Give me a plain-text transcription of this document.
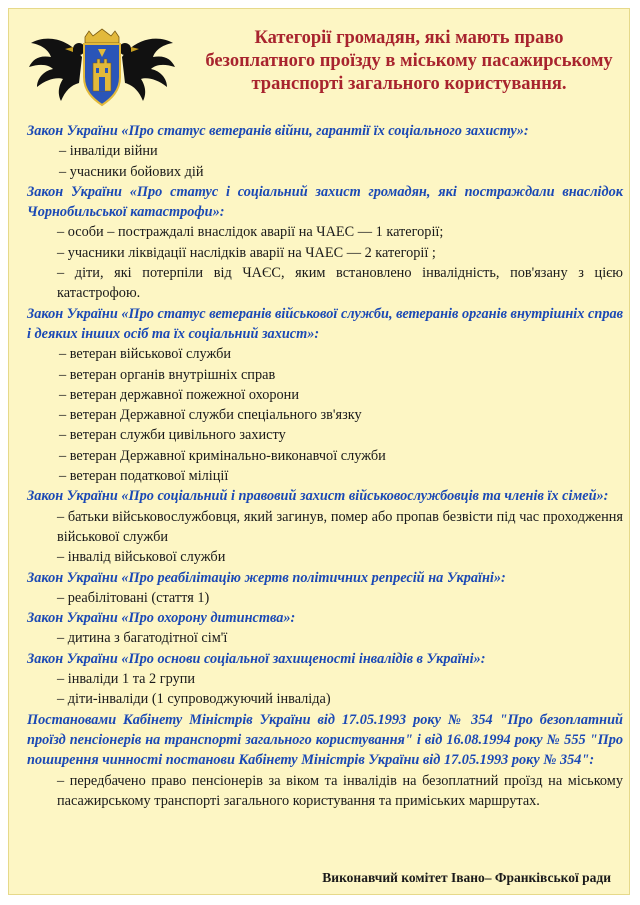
Категорії громадян, які мають право безоплатного проїзду в міському пасажирському транспорті загального користування.

Закон України «Про статус ветеранів війни, гарантії їх соціального захисту»:

– інваліди війни

– учасники бойових дій

Закон України «Про статус і соціальний захист громадян, які постраждали внаслідок Чорнобильської катастрофи»:

– особи – постраждалі внаслідок аварії на ЧАЕС — 1 категорії;

– учасники ліквідації наслідків аварії на ЧАЕС — 2 категорії ;

– діти, які потерпіли від ЧАЄС, яким встановлено інвалідність, пов'язану з цією катастрофою.

Закон України «Про статус ветеранів військової служби, ветеранів органів внутрішніх справ і деяких інших осіб та їх соціальний захист»:

– ветеран військової служби

– ветеран органів внутрішніх справ

– ветеран державної пожежної охорони

– ветеран Державної служби спеціального зв'язку

– ветеран служби цивільного захисту

– ветеран Державної кримінально-виконавчої служби

– ветеран податкової міліції

Закон України «Про соціальний і правовий захист військовослужбовців та членів їх сімей»:

– батьки військовослужбовця, який загинув, помер або пропав безвісти під час проходження військової служби

– інвалід військової служби

Закон України «Про реабілітацію жертв політичних репресій на Україні»:

– реабілітовані (стаття 1)

Закон України «Про охорону дитинства»:

– дитина з багатодітної сім'ї

Закон України «Про основи соціальної захищеності інвалідів в Україні»:

– інваліди 1 та 2 групи

– діти-інваліди (1 супроводжуючий інваліда)

Постановами Кабінету Міністрів України від 17.05.1993 року № 354 "Про безоплатний проїзд пенсіонерів на транспорті загального користування" і від 16.08.1994 року № 555 "Про поширення чинності постанови Кабінету Міністрів України від 17.05.1993 року № 354":

– передбачено право пенсіонерів за віком та інвалідів на безоплатний проїзд на міському пасажирському транспорті загального користування та приміських маршрутах.

Виконавчий комітет Івано– Франківської ради
